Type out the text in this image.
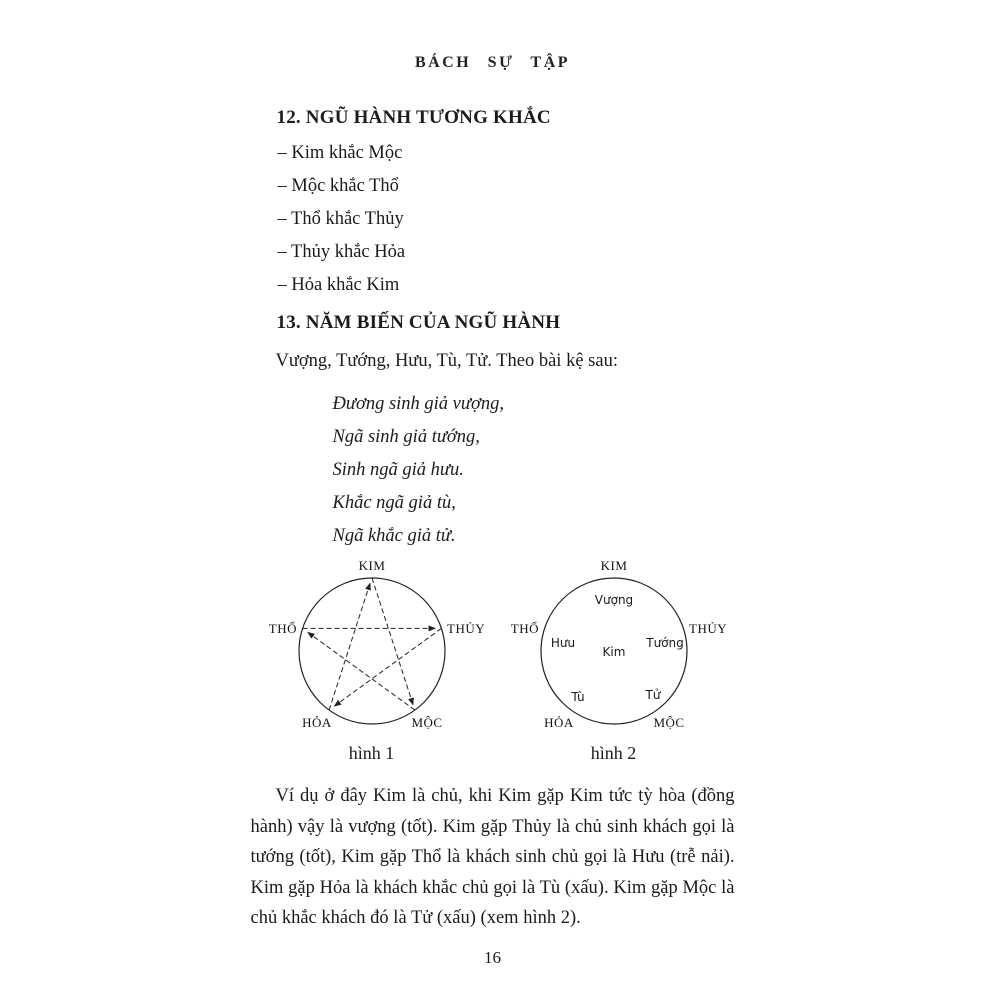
BÁCH SỰ TẬP
12. NGŨ HÀNH TƯƠNG KHẮC
– Kim khắc Mộc
– Mộc khắc Thổ
– Thổ khắc Thủy
– Thủy khắc Hỏa
– Hỏa khắc Kim
13. NĂM BIẾN CỦA NGŨ HÀNH
Vượng, Tướng, Hưu, Tù, Tử. Theo bài kệ sau:
Đương sinh giả vượng,
Ngã sinh giả tướng,
Sinh ngã giả hưu.
Khắc ngã giả tù,
Ngã khắc giả tử.
KIM
THỦY
THỔ
HỎA	MỘC
hình 1
KIM
THỦY
THỔ
HỎA	MỘC
Vượng
Hưu	Tướng
Kim
Tù	Tử
hình 2
Ví dụ ở đây Kim là chủ, khi Kim gặp Kim tức tỳ hòa (đồng hành) vậy là vượng (tốt). Kim gặp Thủy là chủ sinh khách gọi là tướng (tốt), Kim gặp Thổ là khách sinh chủ gọi là Hưu (trễ nải). Kim gặp Hỏa là khách khắc chủ gọi là Tù (xấu). Kim gặp Mộc là chủ khắc khách đó là Tử (xấu) (xem hình 2).
16
